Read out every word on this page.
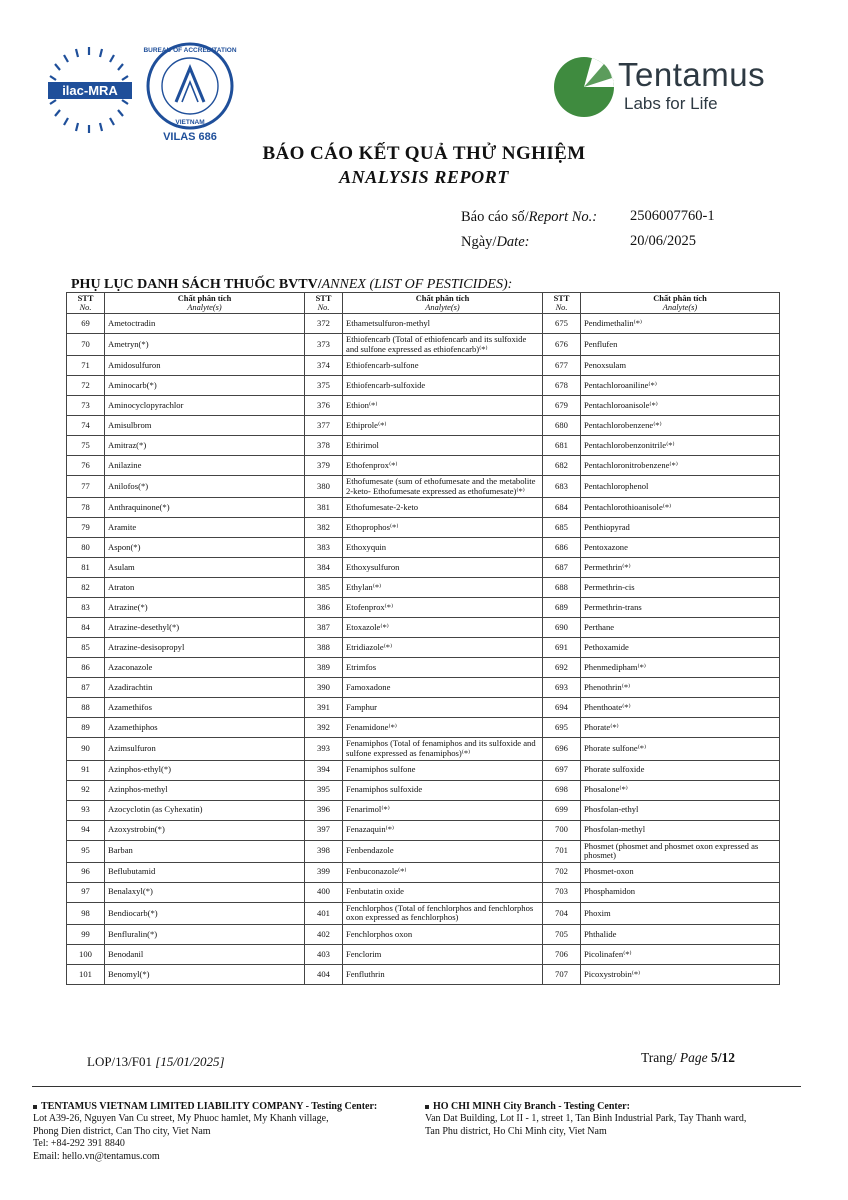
ilac-MRA
BUREAU OF ACCREDITATION
VIETNAM
VILAS 686
Tentamus
Labs for Life
BÁO CÁO KẾT QUẢ THỬ NGHIỆM
ANALYSIS REPORT
Báo cáo số/Report No.: 2506007760-1
Ngày/Date:	20/06/2025
PHỤ LỤC DANH SÁCH THUỐC BVTV/ANNEX (LIST OF PESTICIDES):
STT
No.	Chất phân tích
Analyte(s)	STT
No.	Chất phân tích
Analyte(s)	STT
No.	Chất phân tích
Analyte(s)

69	Ametoctradin	372	Ethametsulfuron-methyl	675	Pendimethalin⁽*⁾
70	Ametryn(*)	373	Ethiofencarb (Total of ethiofencarb and its sulfoxide and sulfone expressed as ethiofencarb)⁽*⁾	676	Penflufen
71	Amidosulfuron	374	Ethiofencarb-sulfone	677	Penoxsulam
72	Aminocarb(*)	375	Ethiofencarb-sulfoxide	678	Pentachloroaniline⁽*⁾
73	Aminocyclopyrachlor	376	Ethion⁽*⁾	679	Pentachloroanisole⁽*⁾
74	Amisulbrom	377	Ethiprole⁽*⁾	680	Pentachlorobenzene⁽*⁾
75	Amitraz(*)	378	Ethirimol	681	Pentachlorobenzonitrile⁽*⁾
76	Anilazine	379	Ethofenprox⁽*⁾	682	Pentachloronitrobenzene⁽*⁾
77	Anilofos(*)	380	Ethofumesate (sum of ethofumesate and the metabolite 2-keto- Ethofumesate expressed as ethofumesate)⁽*⁾	683	Pentachlorophenol
78	Anthraquinone(*)	381	Ethofumesate-2-keto	684	Pentachlorothioanisole⁽*⁾
79	Aramite	382	Ethoprophos⁽*⁾	685	Penthiopyrad
80	Aspon(*)	383	Ethoxyquin	686	Pentoxazone
81	Asulam	384	Ethoxysulfuron	687	Permethrin⁽*⁾
82	Atraton	385	Ethylan⁽*⁾	688	Permethrin-cis
83	Atrazine(*)	386	Etofenprox⁽*⁾	689	Permethrin-trans
84	Atrazine-desethyl(*)	387	Etoxazole⁽*⁾	690	Perthane
85	Atrazine-desisopropyl	388	Etridiazole⁽*⁾	691	Pethoxamide
86	Azaconazole	389	Etrimfos	692	Phenmedipham⁽*⁾
87	Azadirachtin	390	Famoxadone	693	Phenothrin⁽*⁾
88	Azamethifos	391	Famphur	694	Phenthoate⁽*⁾
89	Azamethiphos	392	Fenamidone⁽*⁾	695	Phorate⁽*⁾
90	Azimsulfuron	393	Fenamiphos (Total of fenamiphos and its sulfoxide and sulfone expressed as fenamiphos)⁽*⁾	696	Phorate sulfone⁽*⁾
91	Azinphos-ethyl(*)	394	Fenamiphos sulfone	697	Phorate sulfoxide
92	Azinphos-methyl	395	Fenamiphos sulfoxide	698	Phosalone⁽*⁾
93	Azocyclotin (as Cyhexatin)	396	Fenarimol⁽*⁾	699	Phosfolan-ethyl
94	Azoxystrobin(*)	397	Fenazaquin⁽*⁾	700	Phosfolan-methyl
95	Barban	398	Fenbendazole	701	Phosmet (phosmet and phosmet oxon expressed as phosmet)
96	Beflubutamid	399	Fenbuconazole⁽*⁾	702	Phosmet-oxon
97	Benalaxyl(*)	400	Fenbutatin oxide	703	Phosphamidon
98	Bendiocarb(*)	401	Fenchlorphos (Total of fenchlorphos and fenchlorphos oxon expressed as fenchlorphos)	704	Phoxim
99	Benfluralin(*)	402	Fenchlorphos oxon	705	Phthalide
100	Benodanil	403	Fenclorim	706	Picolinafen⁽*⁾
101	Benomyl(*)	404	Fenfluthrin	707	Picoxystrobin⁽*⁾
LOP/13/F01 [15/01/2025]	Trang/ Page 5/12
TENTAMUS VIETNAM LIMITED LIABILITY COMPANY - Testing Center:
Lot A39-26, Nguyen Van Cu street, My Phuoc hamlet, My Khanh village,
Phong Dien district, Can Tho city, Viet Nam
Tel: +84-292 391 8840
Email: hello.vn@tentamus.com
HO CHI MINH City Branch - Testing Center:
Van Dat Building, Lot II - 1, street 1, Tan Binh Industrial Park, Tay Thanh ward,
Tan Phu district, Ho Chi Minh city, Viet Nam
